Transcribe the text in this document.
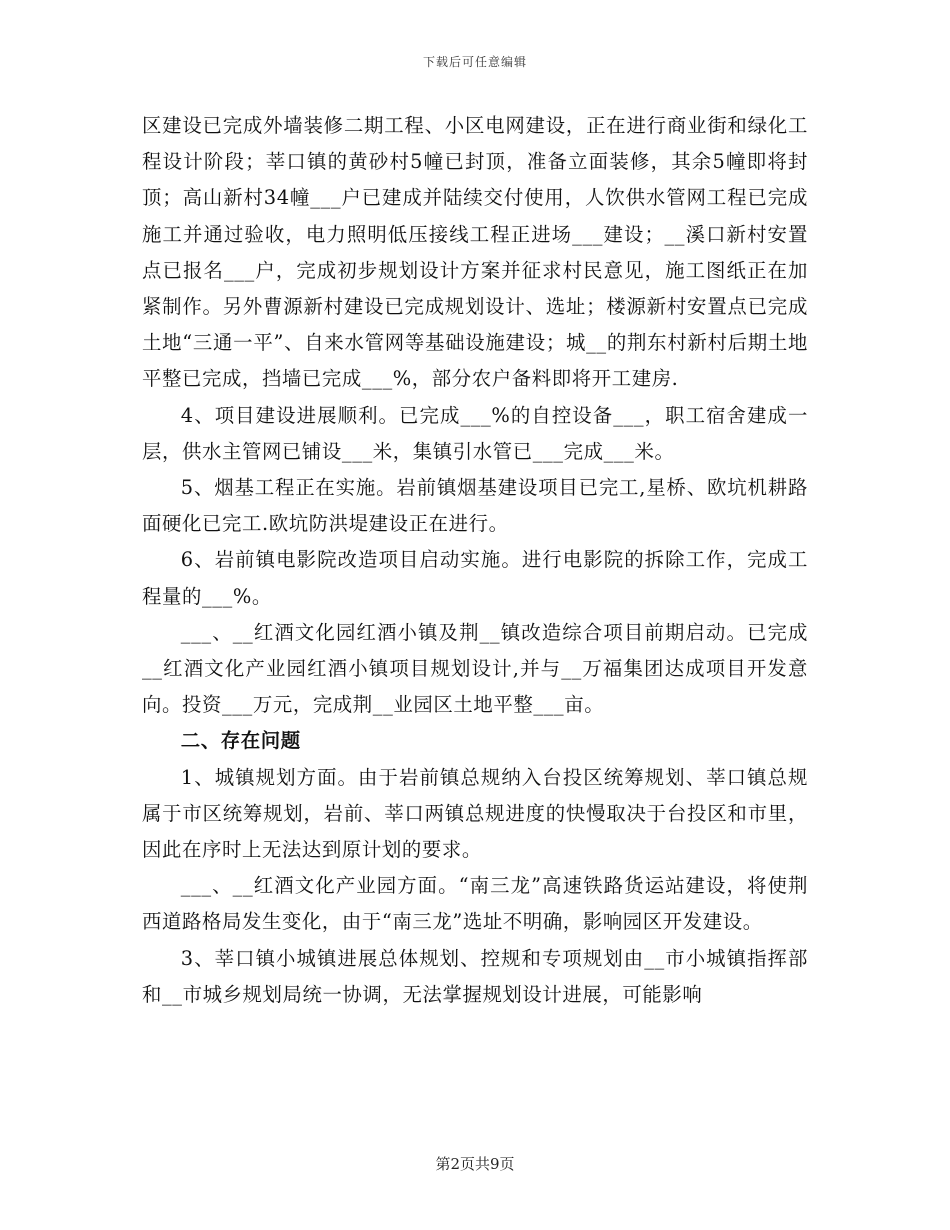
下载后可任意编辑

区建设已完成外墙装修二期工程、小区电网建设，正在进行商业街和绿化工程设计阶段；莘口镇的黄砂村5幢已封顶，准备立面装修，其余5幢即将封顶；高山新村34幢___户已建成并陆续交付使用，人饮供水管网工程已完成施工并通过验收，电力照明低压接线工程正进场___建设；__溪口新村安置点已报名___户，完成初步规划设计方案并征求村民意见，施工图纸正在加紧制作。另外曹源新村建设已完成规划设计、选址；楼源新村安置点已完成土地“三通一平”、自来水管网等基础设施建设；城__的荆东村新村后期土地平整已完成，挡墙已完成___%，部分农户备料即将开工建房.

4、项目建设进展顺利。已完成___%的自控设备___，职工宿舍建成一层，供水主管网已铺设___米，集镇引水管已___完成___米。

5、烟基工程正在实施。岩前镇烟基建设项目已完工,星桥、欧坑机耕路面硬化已完工.欧坑防洪堤建设正在进行。

6、岩前镇电影院改造项目启动实施。进行电影院的拆除工作，完成工程量的___%。

___、__红酒文化园红酒小镇及荆__镇改造综合项目前期启动。已完成__红酒文化产业园红酒小镇项目规划设计,并与__万福集团达成项目开发意向。投资___万元，完成荆__业园区土地平整___亩。

二、存在问题

1、城镇规划方面。由于岩前镇总规纳入台投区统筹规划、莘口镇总规属于市区统筹规划，岩前、莘口两镇总规进度的快慢取决于台投区和市里，因此在序时上无法达到原计划的要求。

___、__红酒文化产业园方面。“南三龙”高速铁路货运站建设，将使荆西道路格局发生变化，由于“南三龙”选址不明确，影响园区开发建设。

3、莘口镇小城镇进展总体规划、控规和专项规划由__市小城镇指挥部和__市城乡规划局统一协调，无法掌握规划设计进展，可能影响

第2页共9页
